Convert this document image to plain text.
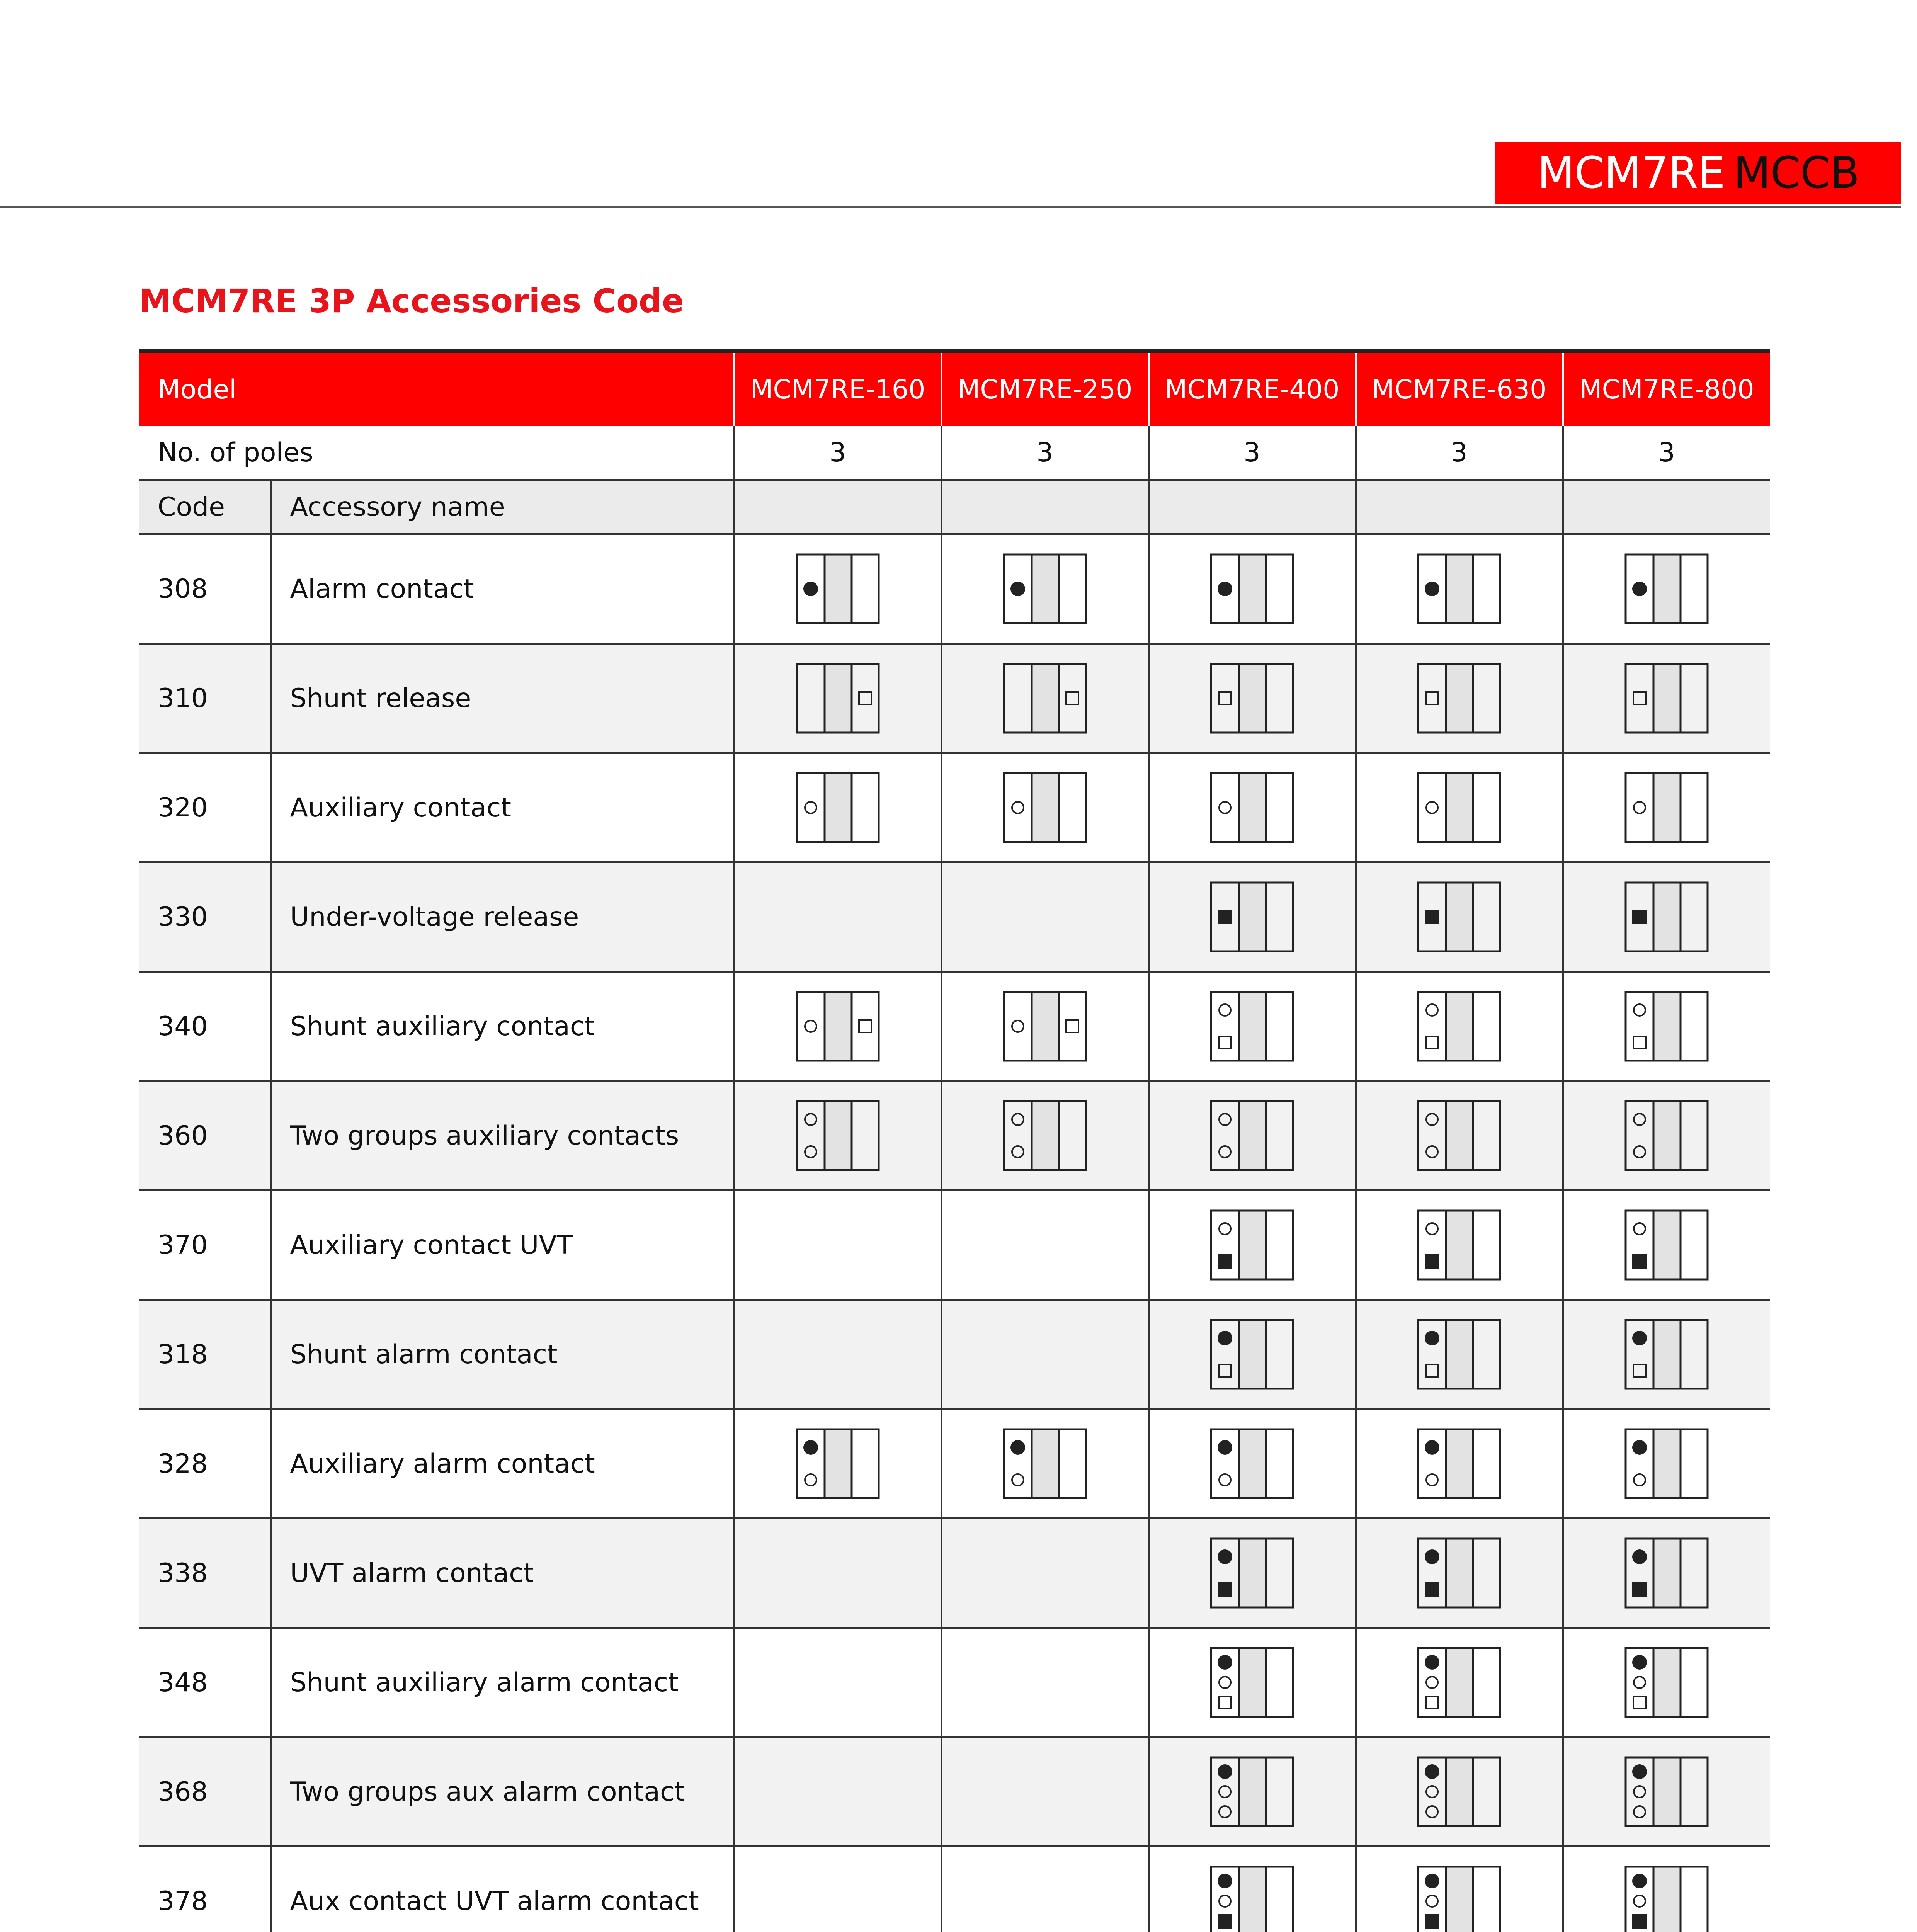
MCM7RE MCCB
MCM7RE 3P Accessories Code
Model		MCM7RE-160	MCM7RE-250	MCM7RE-400	MCM7RE-630	MCM7RE-800
No. of poles		3	3	3	3	3
Code	Accessory name					
308	Alarm contact					
310	Shunt release					
320	Auxiliary contact					
330	Under-voltage release					
340	Shunt auxiliary contact					
360	Two groups auxiliary contacts					
370	Auxiliary contact UVT					
318	Shunt alarm contact					
328	Auxiliary alarm contact					
338	UVT alarm contact					
348	Shunt auxiliary alarm contact					
368	Two groups aux alarm contact					
378	Aux contact UVT alarm contact					
